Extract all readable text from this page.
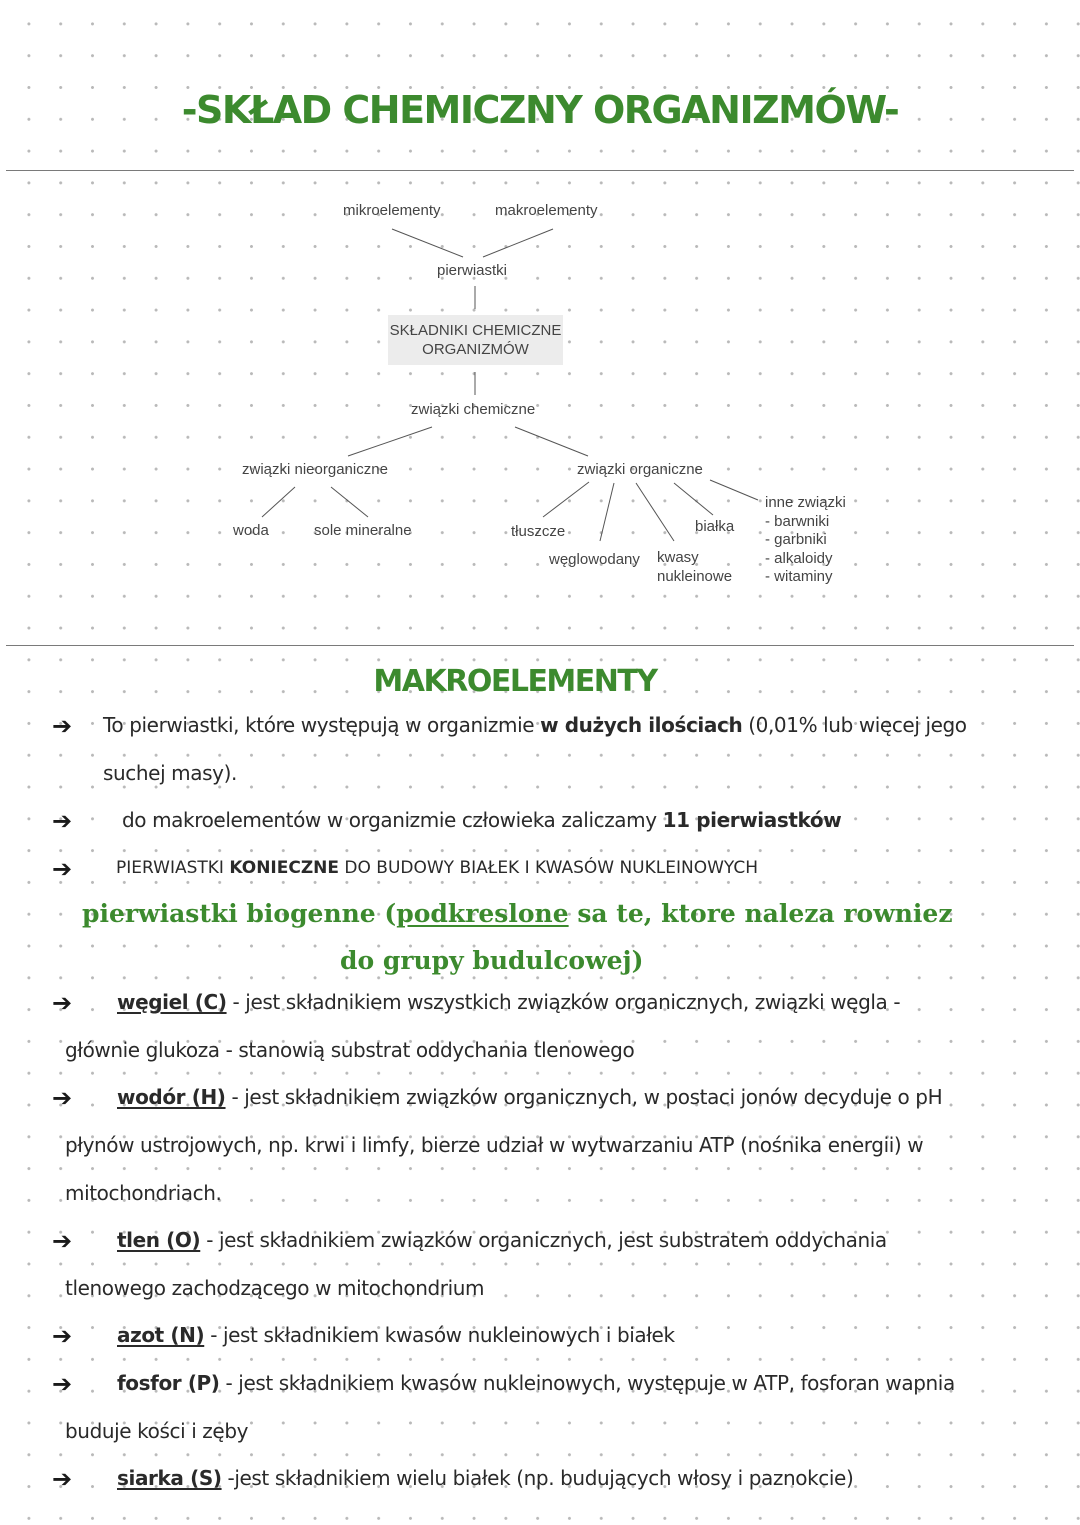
-SKŁAD CHEMICZNY ORGANIZMÓW-
mikroelementy	makroelementy
pierwiastki
SKŁADNIKI CHEMICZNE
ORGANIZMÓW
związki chemiczne
związki nieorganiczne	związki organiczne
woda	sole mineralne	tłuszcze
węglowodany kwasy
nukleinowe
białka
inne związki
- barwniki
- garbniki
- alkaloidy
- witaminy
MAKROELEMENTY
➔ To pierwiastki, które występują w organizmie w dużych ilościach (0,01% lub więcej jego
suchej masy).
➔ do makroelementów w organizmie człowieka zaliczamy 11 pierwiastków
➔	PIERWIASTKI KONIECZNE DO BUDOWY BIAŁEK I KWASÓW NUKLEINOWYCH
pierwiastki biogenne (podkreslone sa te, ktore naleza rowniez
do grupy budulcowej)
➔ węgiel (C) - jest składnikiem wszystkich związków organicznych, związki węgla -
głównie glukoza - stanowią substrat oddychania tlenowego
➔ wodór (H) - jest składnikiem związków organicznych, w postaci jonów decyduje o pH
płynów ustrojowych, np. krwi i limfy, bierze udział w wytwarzaniu ATP (nośnika energii) w
mitochondriach.
➔ tlen (O) - jest składnikiem związków organicznych, jest substratem oddychania
tlenowego zachodzącego w mitochondrium
➔ azot (N) - jest składnikiem kwasów nukleinowych i białek
➔ fosfor (P) - jest składnikiem kwasów nukleinowych, występuje w ATP, fosforan wapnia
buduje kości i zęby
➔ siarka (S) -jest składnikiem wielu białek (np. budujących włosy i paznokcie)
